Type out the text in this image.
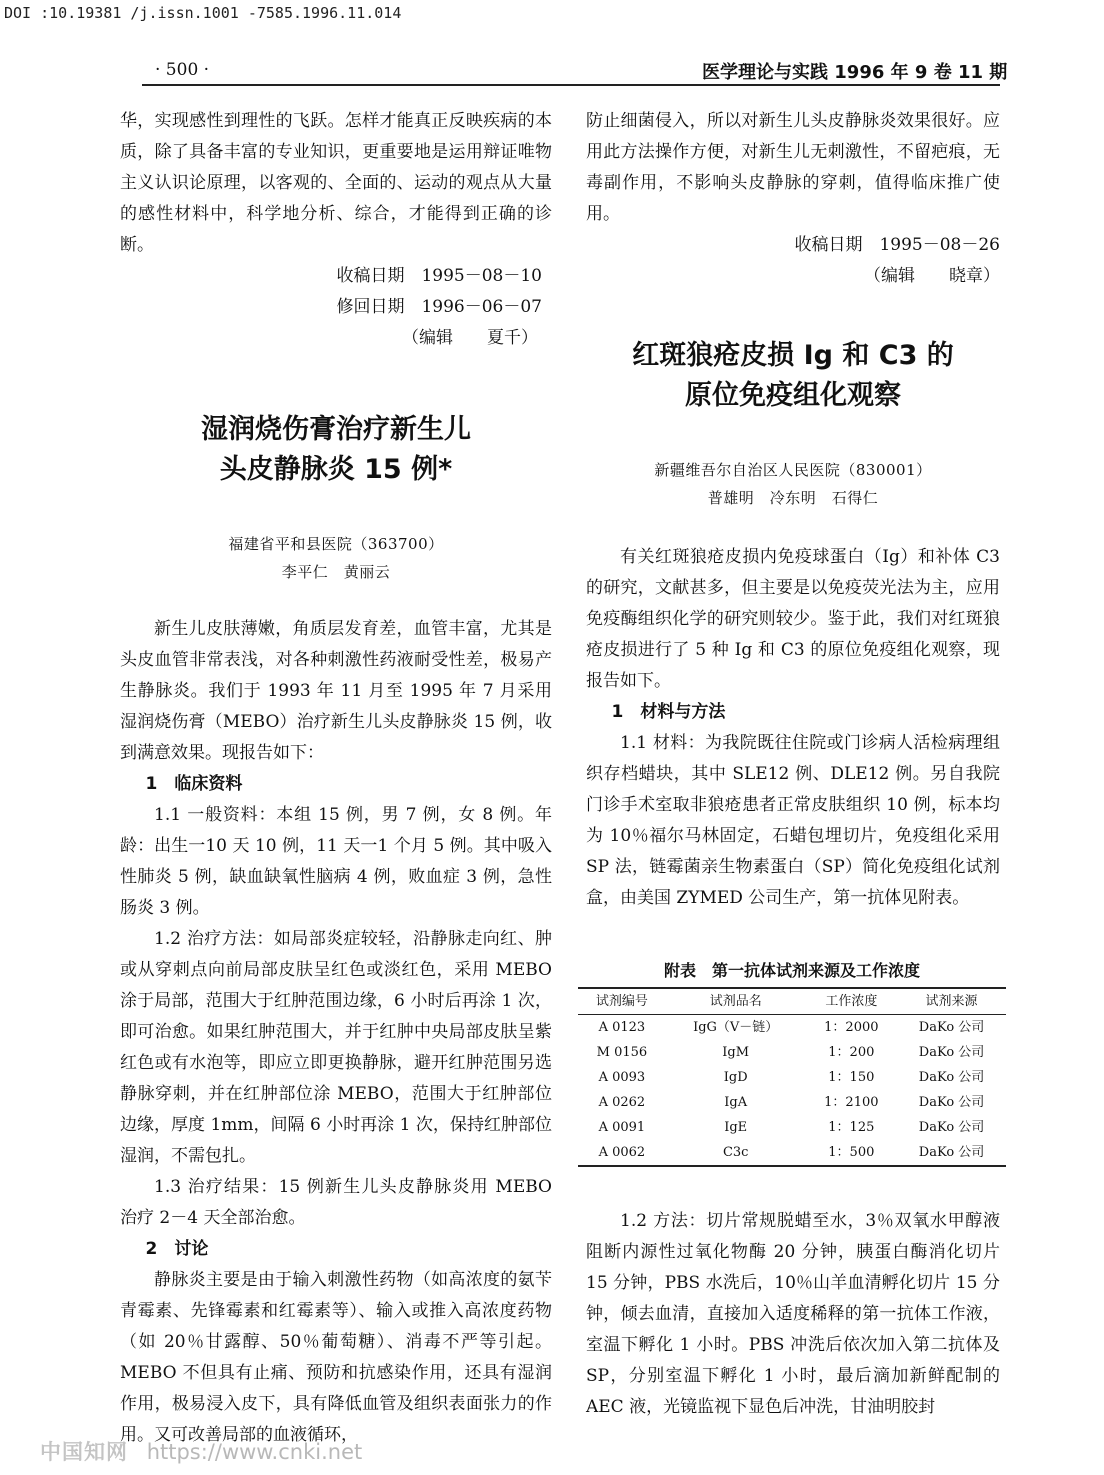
DOI :10.19381 /j.issn.1001 -7585.1996.11.014
· 500 ·	医学理论与实践 1996 年 9 卷 11 期

华，实现感性到理性的飞跃。怎样才能真正反映疾病的本质，除了具备丰富的专业知识，更重要地是运用辩证唯物主义认识论原理，以客观的、全面的、运动的观点从大量的感性材料中，科学地分析、综合，才能得到正确的诊断。

收稿日期　1995－08－10

修回日期　1996－06－07

（编辑　　夏千）

湿润烧伤膏治疗新生儿
头皮静脉炎 15 例*
福建省平和县医院（363700）
李平仁　黄丽云

新生儿皮肤薄嫩，角质层发育差，血管丰富，尤其是头皮血管非常表浅，对各种刺激性药液耐受性差，极易产生静脉炎。我们于 1993 年 11 月至 1995 年 7 月采用湿润烧伤膏（MEBO）治疗新生儿头皮静脉炎 15 例，收到满意效果。现报告如下：

1　临床资料

1.1 一般资料：本组 15 例，男 7 例，女 8 例。年龄：出生一10 天 10 例，11 天一1 个月 5 例。其中吸入性肺炎 5 例，缺血缺氧性脑病 4 例，败血症 3 例，急性肠炎 3 例。

1.2 治疗方法：如局部炎症较轻，沿静脉走向红、肿或从穿刺点向前局部皮肤呈红色或淡红色，采用 MEBO 涂于局部，范围大于红肿范围边缘，6 小时后再涂 1 次，即可治愈。如果红肿范围大，并于红肿中央局部皮肤呈紫红色或有水泡等，即应立即更换静脉，避开红肿范围另选静脉穿刺，并在红肿部位涂 MEBO，范围大于红肿部位边缘，厚度 1mm，间隔 6 小时再涂 1 次，保持红肿部位湿润，不需包扎。

1.3 治疗结果：15 例新生儿头皮静脉炎用 MEBO 治疗 2－4 天全部治愈。

2　讨论

静脉炎主要是由于输入刺激性药物（如高浓度的氨苄青霉素、先锋霉素和红霉素等）、输入或推入高浓度药物（如 20％甘露醇、50％葡萄糖）、消毒不严等引起。MEBO 不但具有止痛、预防和抗感染作用，还具有湿润作用，极易浸入皮下，具有降低血管及组织表面张力的作用。又可改善局部的血液循环，

防止细菌侵入，所以对新生儿头皮静脉炎效果很好。应用此方法操作方便，对新生儿无刺激性，不留疤痕，无毒副作用，不影响头皮静脉的穿刺，值得临床推广使用。

收稿日期　1995－08－26

（编辑　　晓章）

红斑狼疮皮损 Ig 和 C3 的
原位免疫组化观察
新疆维吾尔自治区人民医院（830001）
普雄明　冷东明　石得仁

有关红斑狼疮皮损内免疫球蛋白（Ig）和补体 C3 的研究，文献甚多，但主要是以免疫荧光法为主，应用免疫酶组织化学的研究则较少。鉴于此，我们对红斑狼疮皮损进行了 5 种 Ig 和 C3 的原位免疫组化观察，现报告如下。

1　材料与方法

1.1 材料：为我院既往住院或门诊病人活检病理组织存档蜡块，其中 SLE12 例、DLE12 例。另自我院门诊手术室取非狼疮患者正常皮肤组织 10 例，标本均为 10％福尔马林固定，石蜡包埋切片，免疫组化采用 SP 法，链霉菌亲生物素蛋白（SP）简化免疫组化试剂盒，由美国 ZYMED 公司生产，第一抗体见附表。

附表　第一抗体试剂来源及工作浓度
试剂编号	试剂品名	工作浓度	试剂来源
A 0123	IgG（V－链）	1：2000	DaKo 公司
M 0156	IgM	1：200	DaKo 公司
A 0093	IgD	1：150	DaKo 公司
A 0262	IgA	1：2100	DaKo 公司
A 0091	IgE	1：125	DaKo 公司
A 0062	C3c	1：500	DaKo 公司

1.2 方法：切片常规脱蜡至水，3％双氧水甲醇液阻断内源性过氧化物酶 20 分钟，胰蛋白酶消化切片 15 分钟，PBS 水洗后，10％山羊血清孵化切片 15 分钟，倾去血清，直接加入适度稀释的第一抗体工作液，室温下孵化 1 小时。PBS 冲洗后依次加入第二抗体及 SP，分别室温下孵化 1 小时，最后滴加新鲜配制的 AEC 液，光镜监视下显色后冲洗，甘油明胶封

中国知网 https://www.cnki.net
